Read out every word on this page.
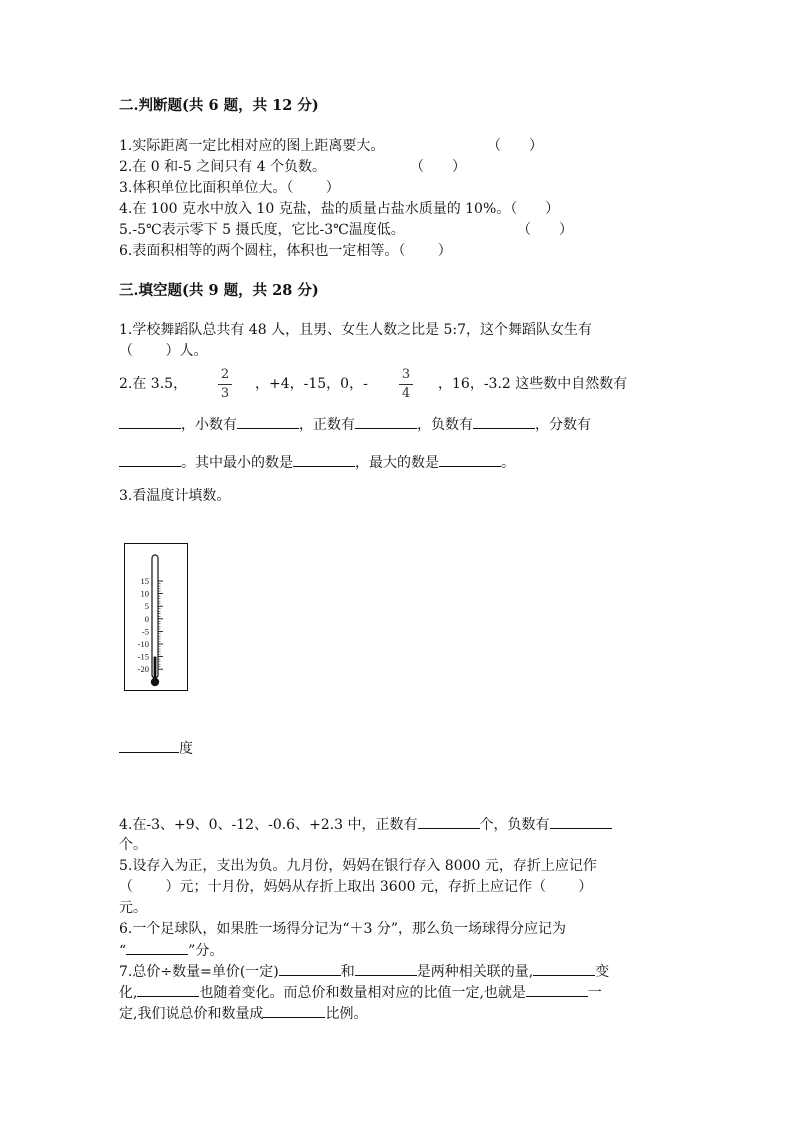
二.判断题(共 6 题，共 12 分)
1.实际距离一定比相对应的图上距离要大。	（　　）
2.在 0 和-5 之间只有 4 个负数。	（　　）
3.体积单位比面积单位大。（　　 ）
4.在 100 克水中放入 10 克盐，盐的质量占盐水质量的 10%。（　　）
5.-5℃表示零下 5 摄氏度，它比-3℃温度低。	（　　）
6.表面积相等的两个圆柱，体积也一定相等。（　　 ）
三.填空题(共 9 题，共 28 分)
1.学校舞蹈队总共有 48 人，且男、女生人数之比是 5:7，这个舞蹈队女生有
（　　 ）人。
2.在 3.5，
2
3
，+4，-15，0，-
3
4
，16，-3.2 这些数中自然数有
，小数有	，正数有	，负数有	，分数有
。其中最小的数是	，最大的数是	。
3.看温度计填数。
15
10
5
0
-5
-10
-15
-20
度
4.在-3、+9、0、-12、-0.6、+2.3 中，正数有	个，负数有
个。
5.设存入为正，支出为负。九月份，妈妈在银行存入 8000 元，存折上应记作
（　　 ）元；十月份，妈妈从存折上取出 3600 元，存折上应记作（　　 ）
元。
6.一个足球队，如果胜一场得分记为“＋3 分”，那么负一场球得分应记为
“	”分。
7.总价÷数量=单价(一定)	和	是两种相关联的量,	变
化,	也随着变化。而总价和数量相对应的比值一定,也就是	一
定,我们说总价和数量成	比例。
